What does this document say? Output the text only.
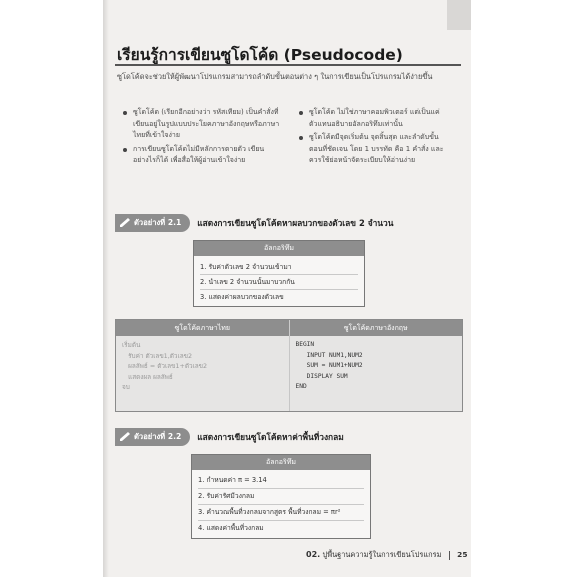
เรียนรู้การเขียนซูโดโค้ด (Pseudocode)
ซูโดโค้ดจะช่วยให้ผู้พัฒนาโปรแกรมสามารถลำดับขั้นตอนต่าง ๆ ในการเขียนเป็นโปรแกรมได้ง่ายขึ้น
ซูโดโค้ด (เรียกอีกอย่างว่า รหัสเทียม) เป็นคำสั่งที่เขียนอยู่ในรูปแบบประโยคภาษาอังกฤษหรือภาษาไทยที่เข้าใจง่าย
การเขียนซูโดโค้ดไม่มีหลักการตายตัว เขียนอย่างไรก็ได้ เพื่อสื่อให้ผู้อ่านเข้าใจง่าย
ซูโดโค้ด ไม่ใช่ภาษาคอมพิวเตอร์ แต่เป็นแค่ตัวแทนอธิบายอัลกอริทึมเท่านั้น
ซูโดโค้ดมีจุดเริ่มต้น จุดสิ้นสุด และลำดับขั้นตอนที่ชัดเจน โดย 1 บรรทัด คือ 1 คำสั่ง และควรใช้ย่อหน้าจัดระเบียบให้อ่านง่าย
ตัวอย่างที่ 2.1 แสดงการเขียนซูโดโค้ดหาผลบวกของตัวเลข 2 จำนวน
อัลกอริทึม
1. รับค่าตัวเลข 2 จำนวนเข้ามา
2. นำเลข 2 จำนวนนั้นมาบวกกัน
3. แสดงค่าผลบวกของตัวเลข
ซูโดโค้ดภาษาไทย	ซูโดโค้ดภาษาอังกฤษ
เริ่มต้น
รับค่า ตัวเลข1,ตัวเลข2
ผลลัพธ์ = ตัวเลข1+ตัวเลข2
แสดงผล ผลลัพธ์
จบ
BEGIN
INPUT NUM1,NUM2
SUM = NUM1+NUM2
DISPLAY SUM
END
ตัวอย่างที่ 2.2 แสดงการเขียนซูโดโค้ดหาค่าพื้นที่วงกลม
อัลกอริทึม
1. กำหนดค่า π = 3.14
2. รับค่ารัศมีวงกลม
3. คำนวณพื้นที่วงกลมจากสูตร พื้นที่วงกลม = πr²
4. แสดงค่าพื้นที่วงกลม
02. ปูพื้นฐานความรู้ในการเขียนโปรแกรม 25
